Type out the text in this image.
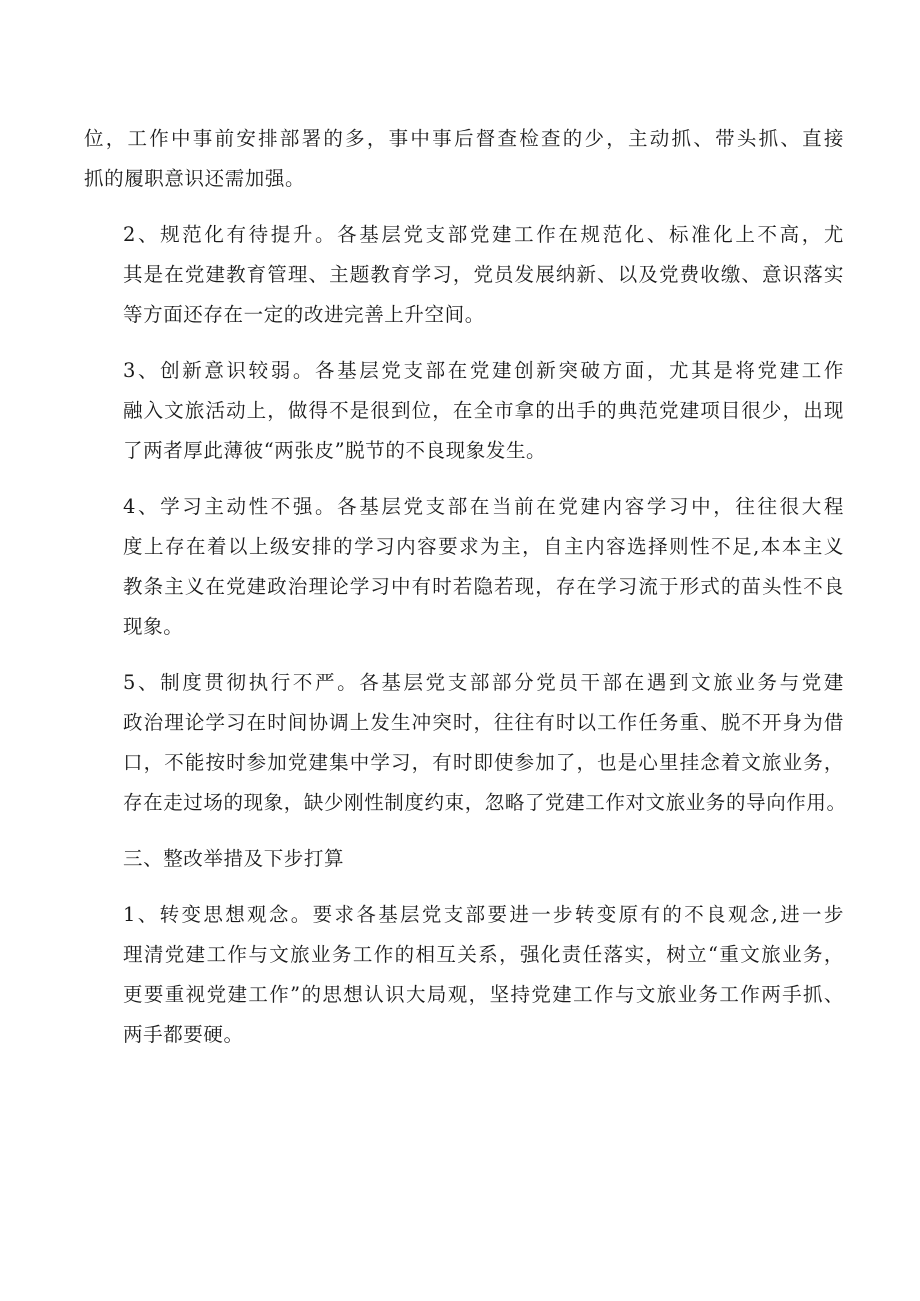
位，工作中事前安排部署的多，事中事后督查检查的少，主动抓、带头抓、直接
抓的履职意识还需加强。

2、规范化有待提升。各基层党支部党建工作在规范化、标准化上不高，尤
其是在党建教育管理、主题教育学习，党员发展纳新、以及党费收缴、意识落实
等方面还存在一定的改进完善上升空间。

3、创新意识较弱。各基层党支部在党建创新突破方面，尤其是将党建工作
融入文旅活动上，做得不是很到位，在全市拿的出手的典范党建项目很少，出现
了两者厚此薄彼“两张皮”脱节的不良现象发生。

4、学习主动性不强。各基层党支部在当前在党建内容学习中，往往很大程
度上存在着以上级安排的学习内容要求为主，自主内容选择则性不足,本本主义
教条主义在党建政治理论学习中有时若隐若现，存在学习流于形式的苗头性不良
现象。

5、制度贯彻执行不严。各基层党支部部分党员干部在遇到文旅业务与党建
政治理论学习在时间协调上发生冲突时，往往有时以工作任务重、脱不开身为借
口，不能按时参加党建集中学习，有时即使参加了，也是心里挂念着文旅业务，
存在走过场的现象，缺少刚性制度约束，忽略了党建工作对文旅业务的导向作用。

三、整改举措及下步打算

1、转变思想观念。要求各基层党支部要进一步转变原有的不良观念,进一步
理清党建工作与文旅业务工作的相互关系，强化责任落实，树立“重文旅业务，
更要重视党建工作”的思想认识大局观，坚持党建工作与文旅业务工作两手抓、
两手都要硬。
